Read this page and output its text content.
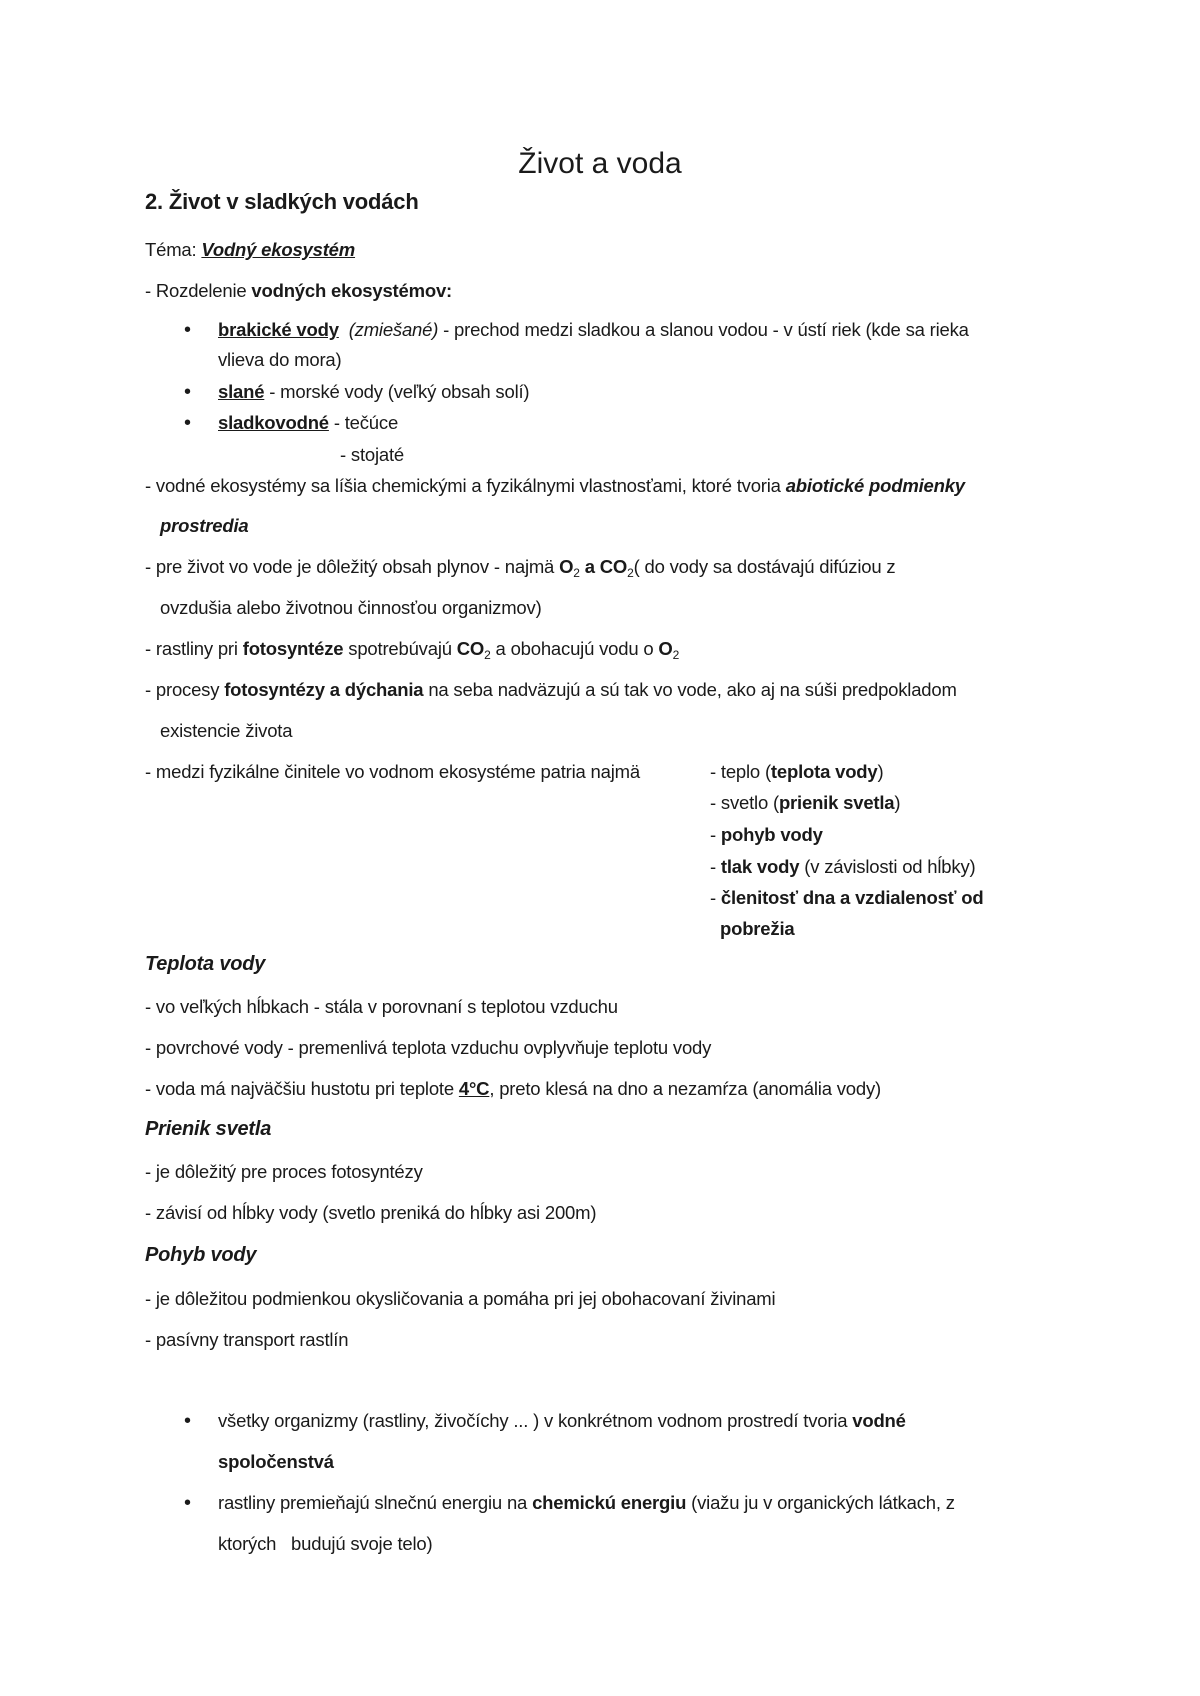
Život a voda
2. Život v sladkých vodách
Téma: Vodný ekosystém
- Rozdelenie vodných ekosystémov:
• brakické vody (zmiešané) - prechod medzi sladkou a slanou vodou - v ústí riek (kde sa rieka
vlieva do mora)
• slané - morské vody (veľký obsah solí)
• sladkovodné - tečúce
- stojaté
- vodné ekosystémy sa líšia chemickými a fyzikálnymi vlastnosťami, ktoré tvoria abiotické podmienky
prostredia
- pre život vo vode je dôležitý obsah plynov - najmä $O_2$ a $CO_2$( do vody sa dostávajú difúziou z
ovzdušia alebo životnou činnosťou organizmov)
- rastliny pri fotosyntéze spotrebúvajú $CO_2$ a obohacujú vodu o $O_2$
- procesy fotosyntézy a dýchania na seba nadväzujú a sú tak vo vode, ako aj na súši predpokladom
existencie života
- medzi fyzikálne činitele vo vodnom ekosystéme patria najmä	- teplo (teplota vody)
- svetlo (prienik svetla)
- pohyb vody
- tlak vody (v závislosti od hĺbky)
- členitosť dna a vzdialenosť od
pobrežia
Teplota vody
- vo veľkých hĺbkach - stála v porovnaní s teplotou vzduchu
- povrchové vody - premenlivá teplota vzduchu ovplyvňuje teplotu vody
- voda má najväčšiu hustotu pri teplote 4°C, preto klesá na dno a nezamŕza (anomália vody)
Prienik svetla
- je dôležitý pre proces fotosyntézy
- závisí od hĺbky vody (svetlo preniká do hĺbky asi 200m)
Pohyb vody
- je dôležitou podmienkou okysličovania a pomáha pri jej obohacovaní živinami
- pasívny transport rastlín
• všetky organizmy (rastliny, živočíchy ... ) v konkrétnom vodnom prostredí tvoria vodné
spoločenstvá
• rastliny premieňajú slnečnú energiu na chemickú energiu (viažu ju v organických látkach, z
ktorých   budujú svoje telo)
